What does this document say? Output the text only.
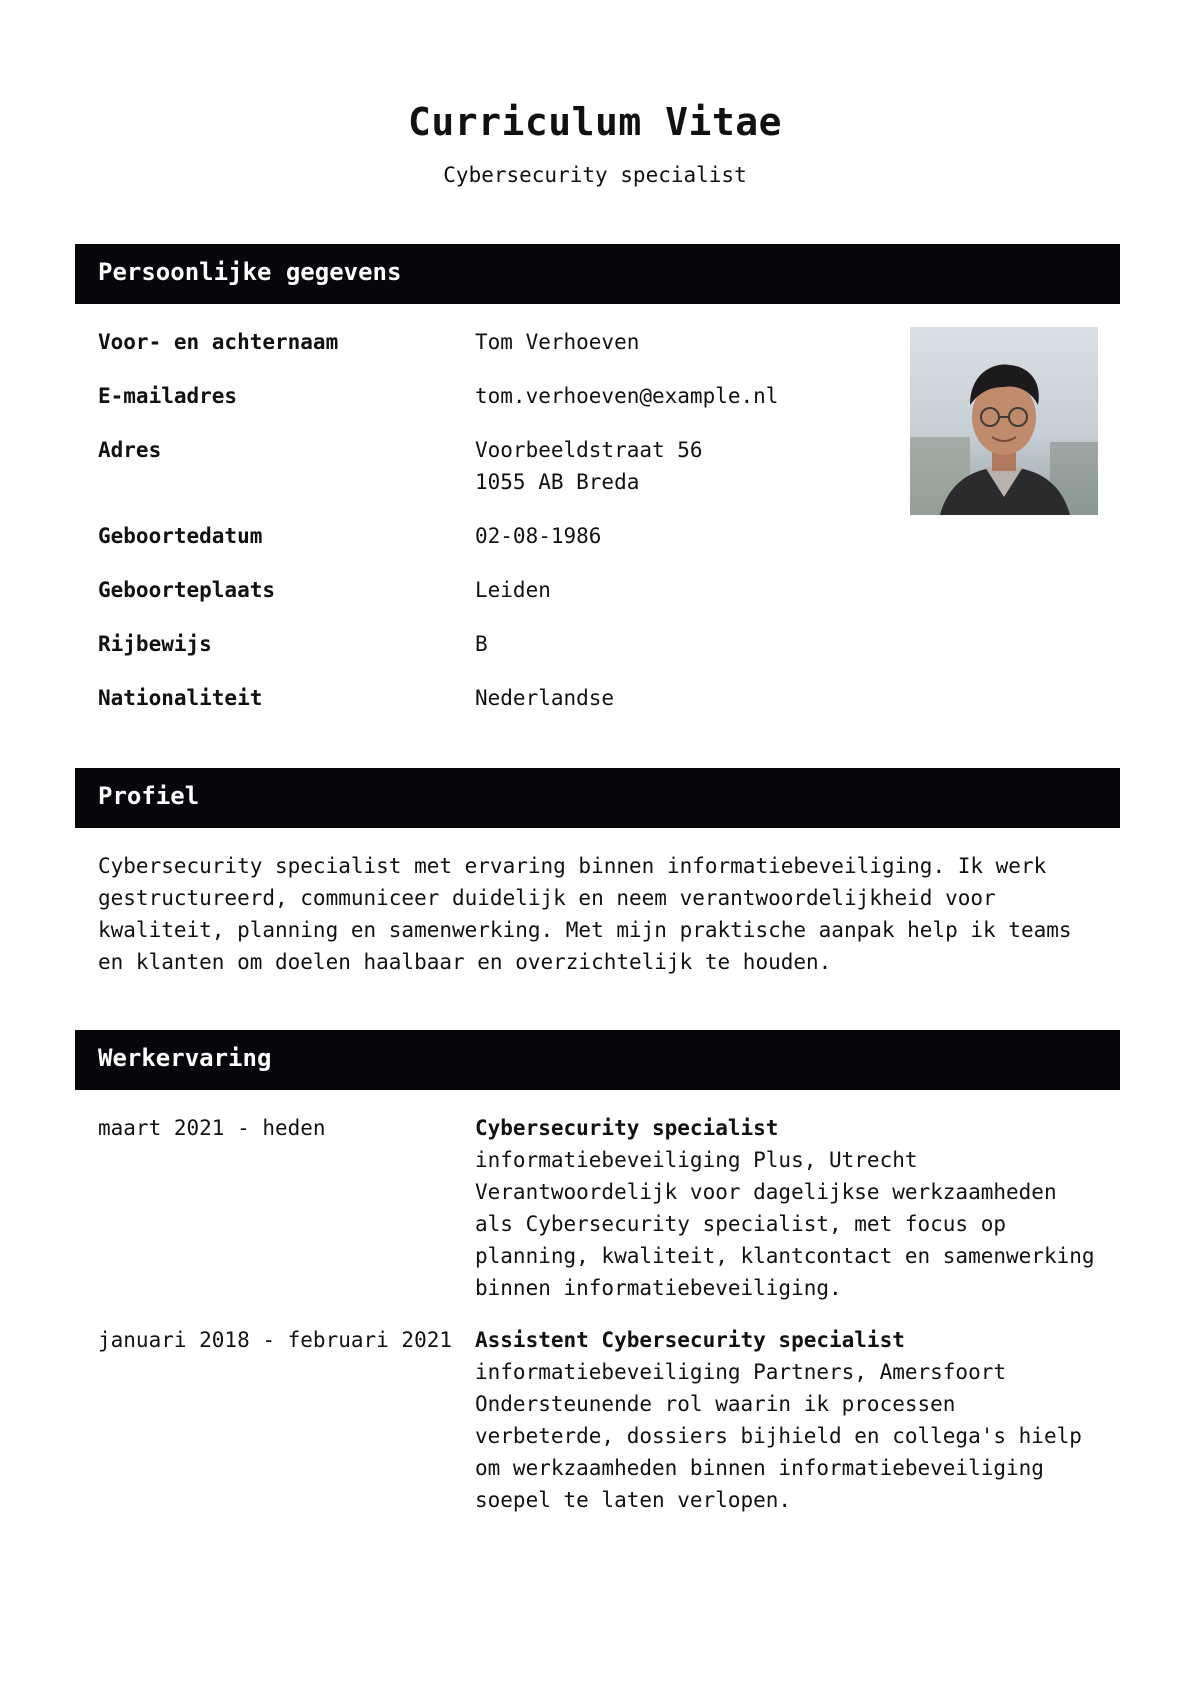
Curriculum Vitae

Cybersecurity specialist

Persoonlijke gegevens
Voor- en achternaam	Tom Verhoeven
E-mailadres	tom.verhoeven@example.nl
Adres	Voorbeeldstraat 56
1055 AB Breda
Geboortedatum	02-08-1986
Geboorteplaats	Leiden
Rijbewijs	B
Nationaliteit	Nederlandse
Profiel
Cybersecurity specialist met ervaring binnen informatiebeveiliging. Ik werk
gestructureerd, communiceer duidelijk en neem verantwoordelijkheid voor
kwaliteit, planning en samenwerking. Met mijn praktische aanpak help ik teams
en klanten om doelen haalbaar en overzichtelijk te houden.
Werkervaring
maart 2021 - heden	Cybersecurity specialist
informatiebeveiliging Plus, Utrecht
Verantwoordelijk voor dagelijkse werkzaamheden
als Cybersecurity specialist, met focus op
planning, kwaliteit, klantcontact en samenwerking
binnen informatiebeveiliging.
januari 2018 - februari 2021 Assistent Cybersecurity specialist
informatiebeveiliging Partners, Amersfoort
Ondersteunende rol waarin ik processen
verbeterde, dossiers bijhield en collega's hielp
om werkzaamheden binnen informatiebeveiliging
soepel te laten verlopen.
